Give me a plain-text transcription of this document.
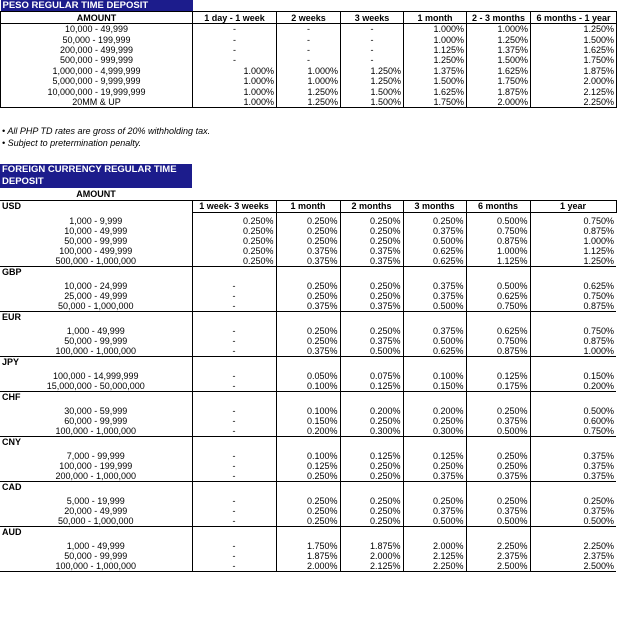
PESO REGULAR TIME DEPOSIT						
AMOUNT	1 day - 1 week	2 weeks	3 weeks	1 month	2 - 3 months	6 months - 1 year
10,000 - 49,999	-	-	-	1.000%	1.000%	1.250%
50,000 - 199,999	-	-	-	1.000%	1.250%	1.500%
200,000 - 499,999	-	-	-	1.125%	1.375%	1.625%
500,000 - 999,999	-	-	-	1.250%	1.500%	1.750%
1,000,000 - 4,999,999	1.000%	1.000%	1.250%	1.375%	1.625%	1.875%
5,000,000 - 9,999,999	1.000%	1.000%	1.250%	1.500%	1.750%	2.000%
10,000,000 - 19,999,999	1.000%	1.250%	1.500%	1.625%	1.875%	2.125%
20MM & UP	1.000%	1.250%	1.500%	1.750%	2.000%	2.250%
• All PHP TD rates are gross of 20% withholding tax.
• Subject to pretermination penalty.
FOREIGN CURRENCY REGULAR TIME DEPOSIT						
AMOUNT						
USD	1 week- 3 weeks	1 month	2 months	3 months	6 months	1 year

1,000 - 9,999	0.250%	0.250%	0.250%	0.250%	0.500%	0.750%
10,000 - 49,999	0.250%	0.250%	0.250%	0.375%	0.750%	0.875%
50,000 - 99,999	0.250%	0.250%	0.250%	0.500%	0.875%	1.000%
100,000 - 499,999	0.250%	0.375%	0.375%	0.625%	1.000%	1.125%
500,000 - 1,000,000	0.250%	0.375%	0.375%	0.625%	1.125%	1.250%
GBP						

10,000 - 24,999	-	0.250%	0.250%	0.375%	0.500%	0.625%
25,000 - 49,999	-	0.250%	0.250%	0.375%	0.625%	0.750%
50,000 - 1,000,000	-	0.375%	0.375%	0.500%	0.750%	0.875%
EUR						

1,000 - 49,999	-	0.250%	0.250%	0.375%	0.625%	0.750%
50,000 - 99,999	-	0.250%	0.375%	0.500%	0.750%	0.875%
100,000 - 1,000,000	-	0.375%	0.500%	0.625%	0.875%	1.000%
JPY						

100,000 - 14,999,999	-	0.050%	0.075%	0.100%	0.125%	0.150%
15,000,000 - 50,000,000	-	0.100%	0.125%	0.150%	0.175%	0.200%
CHF						

30,000 - 59,999	-	0.100%	0.200%	0.200%	0.250%	0.500%
60,000 - 99,999	-	0.150%	0.250%	0.250%	0.375%	0.600%
100,000 - 1,000,000	-	0.200%	0.300%	0.300%	0.500%	0.750%
CNY						

7,000 - 99,999	-	0.100%	0.125%	0.125%	0.250%	0.375%
100,000 - 199,999	-	0.125%	0.250%	0.250%	0.250%	0.375%
200,000 - 1,000,000	-	0.250%	0.250%	0.375%	0.375%	0.375%
CAD						

5,000 - 19,999	-	0.250%	0.250%	0.250%	0.250%	0.250%
20,000 - 49,999	-	0.250%	0.250%	0.375%	0.375%	0.375%
50,000 - 1,000,000	-	0.250%	0.250%	0.500%	0.500%	0.500%
AUD						

1,000 - 49,999	-	1.750%	1.875%	2.000%	2.250%	2.250%
50,000 - 99,999	-	1.875%	2.000%	2.125%	2.375%	2.375%
100,000 - 1,000,000	-	2.000%	2.125%	2.250%	2.500%	2.500%
